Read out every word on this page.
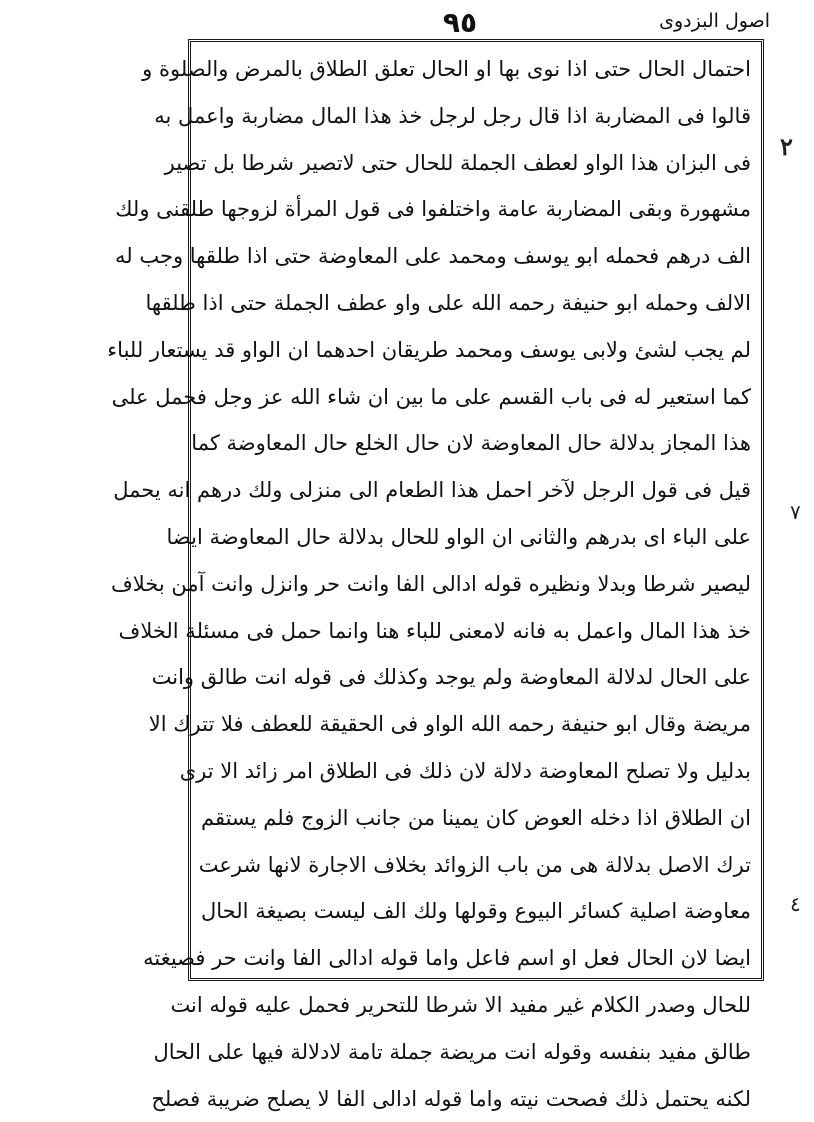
٩٥	اصول البزدوی
٢
٧
٤
احتمال الحال حتى اذا نوى بها او الحال تعلق الطلاق بالمرض والصلوة و
قالوا فى المضاربة اذا قال رجل لرجل خذ هذا المال مضاربة واعمل به
فى البزان هذا الواو لعطف الجملة للحال حتى لاتصير شرطا بل تصير
مشهورة وبقى المضاربة عامة واختلفوا فى قول المرأة لزوجها طلقنى ولك
الف درهم فحمله ابو يوسف ومحمد على المعاوضة حتى اذا طلقها وجب له
الالف وحمله ابو حنيفة رحمه الله على واو عطف الجملة حتى اذا طلقها
لم يجب لشئ ولابى يوسف ومحمد طريقان احدهما ان الواو قد يستعار للباء
كما استعير له فى باب القسم على ما بين ان شاء الله عز وجل فحمل على
هذا المجاز بدلالة حال المعاوضة لان حال الخلع حال المعاوضة كما
قيل فى قول الرجل لآخر احمل هذا الطعام الى منزلى ولك درهم انه يحمل
على الباء اى بدرهم والثانى ان الواو للحال بدلالة حال المعاوضة ايضا
ليصير شرطا وبدلا ونظيره قوله ادالى الفا وانت حر وانزل وانت آمن بخلاف
خذ هذا المال واعمل به فانه لامعنى للباء هنا وانما حمل فى مسئلة الخلاف
على الحال لدلالة المعاوضة ولم يوجد وكذلك فى قوله انت طالق وانت
مريضة وقال ابو حنيفة رحمه الله الواو فى الحقيقة للعطف فلا تترك الا
بدليل ولا تصلح المعاوضة دلالة لان ذلك فى الطلاق امر زائد الا ترى
ان الطلاق اذا دخله العوض كان يمينا من جانب الزوج فلم يستقم
ترك الاصل بدلالة هى من باب الزوائد بخلاف الاجارة لانها شرعت
معاوضة اصلية كسائر البيوع وقولها ولك الف ليست بصيغة الحال
ايضا لان الحال فعل او اسم فاعل واما قوله ادالى الفا وانت حر فصيغته
للحال وصدر الكلام غير مفيد الا شرطا للتحرير فحمل عليه قوله انت
طالق مفيد بنفسه وقوله انت مريضة جملة تامة لادلالة فيها على الحال
لكنه يحتمل ذلك فصحت نيته واما قوله ادالى الفا لا يصلح ضريبة فصلح
